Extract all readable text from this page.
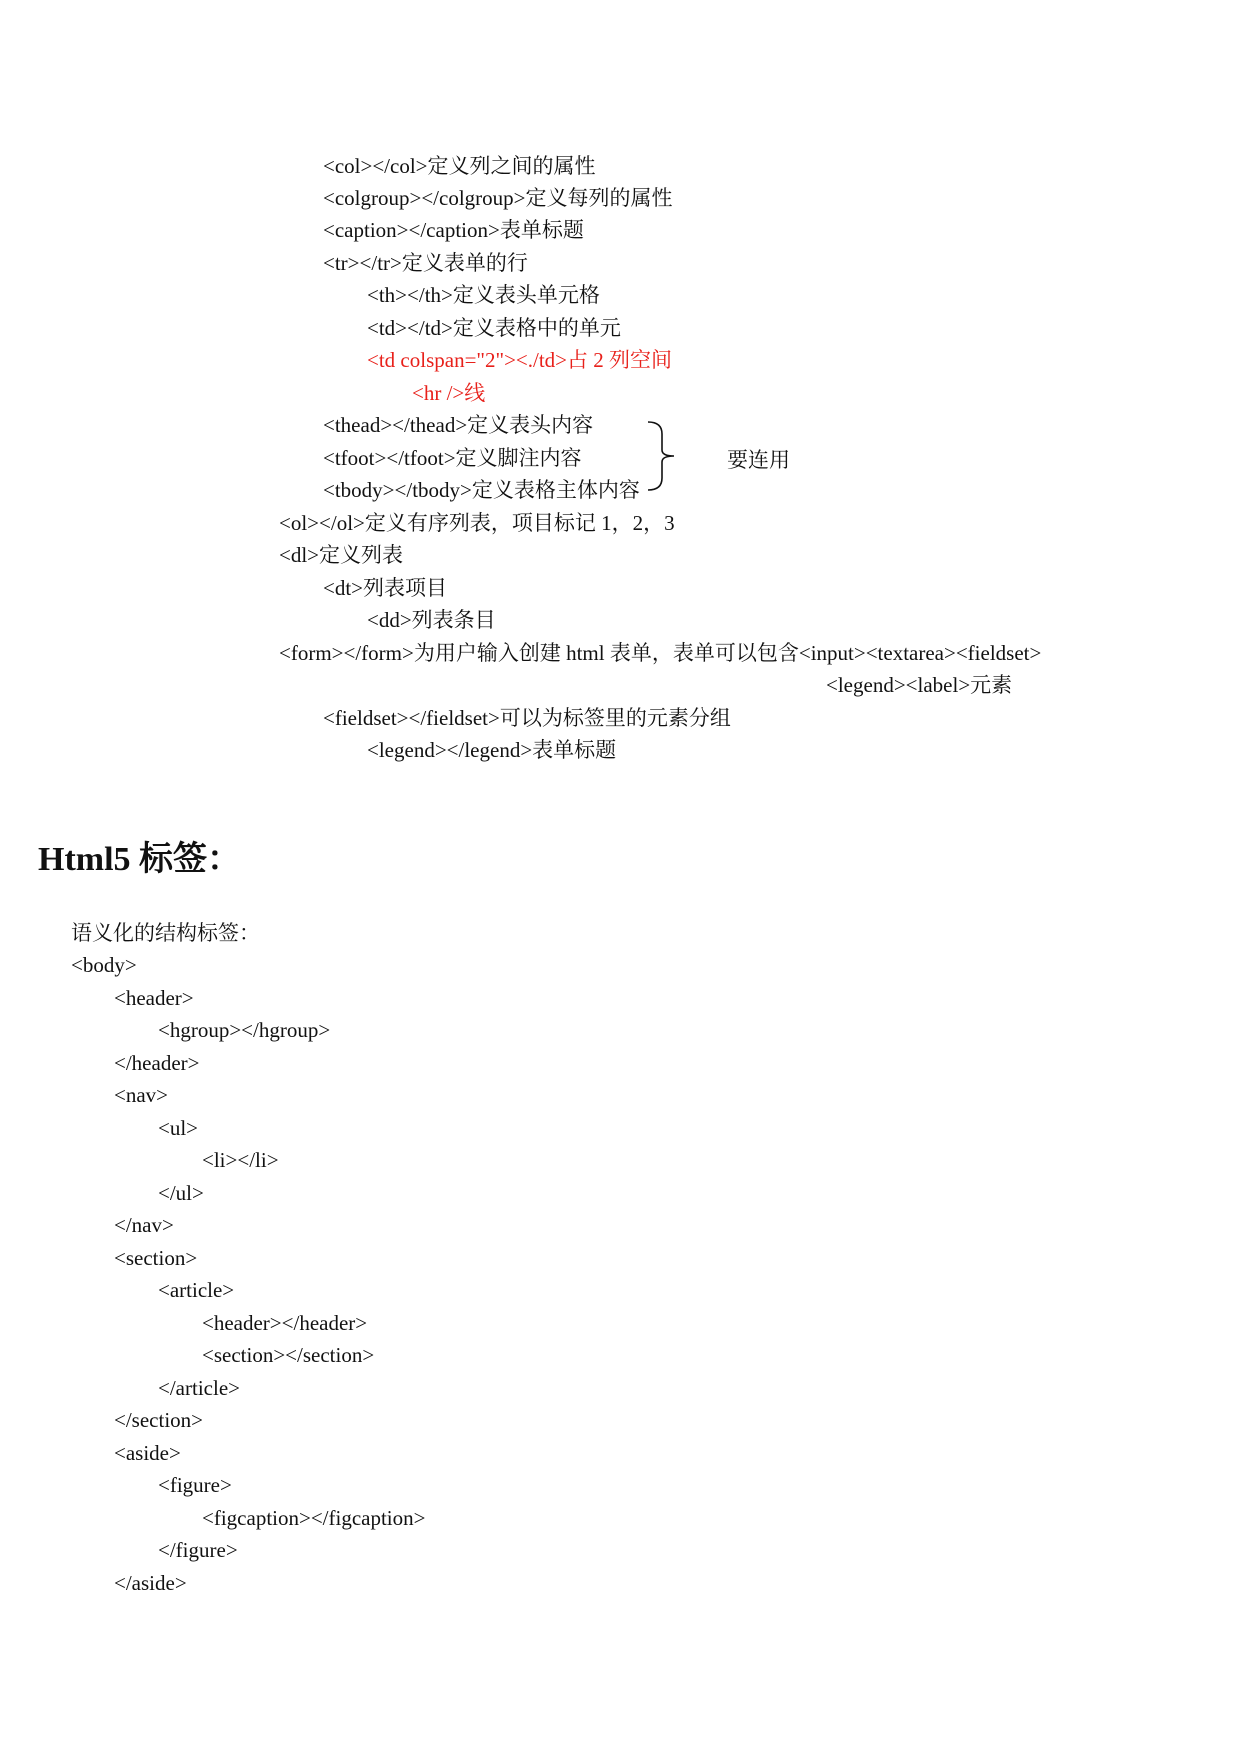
<col></col>定义列之间的属性
<colgroup></colgroup>定义每列的属性
<caption></caption>表单标题
<tr></tr>定义表单的行
<th></th>定义表头单元格
<td></td>定义表格中的单元
<td colspan="2"><./td>占 2 列空间
<hr />线
<thead></thead>定义表头内容
<tfoot></tfoot>定义脚注内容
<tbody></tbody>定义表格主体内容
要连用
<ol></ol>定义有序列表，项目标记 1，2，3
<dl>定义列表
<dt>列表项目
<dd>列表条目
<form></form>为用户输入创建 html 表单，表单可以包含<input><textarea><fieldset>
<legend><label>元素
<fieldset></fieldset>可以为标签里的元素分组
<legend></legend>表单标题
Html5 标签：
语义化的结构标签：
<body>
<header>
<hgroup></hgroup>
</header>
<nav>
<ul>
<li></li>
</ul>
</nav>
<section>
<article>
<header></header>
<section></section>
</article>
</section>
<aside>
<figure>
<figcaption></figcaption>
</figure>
</aside>
